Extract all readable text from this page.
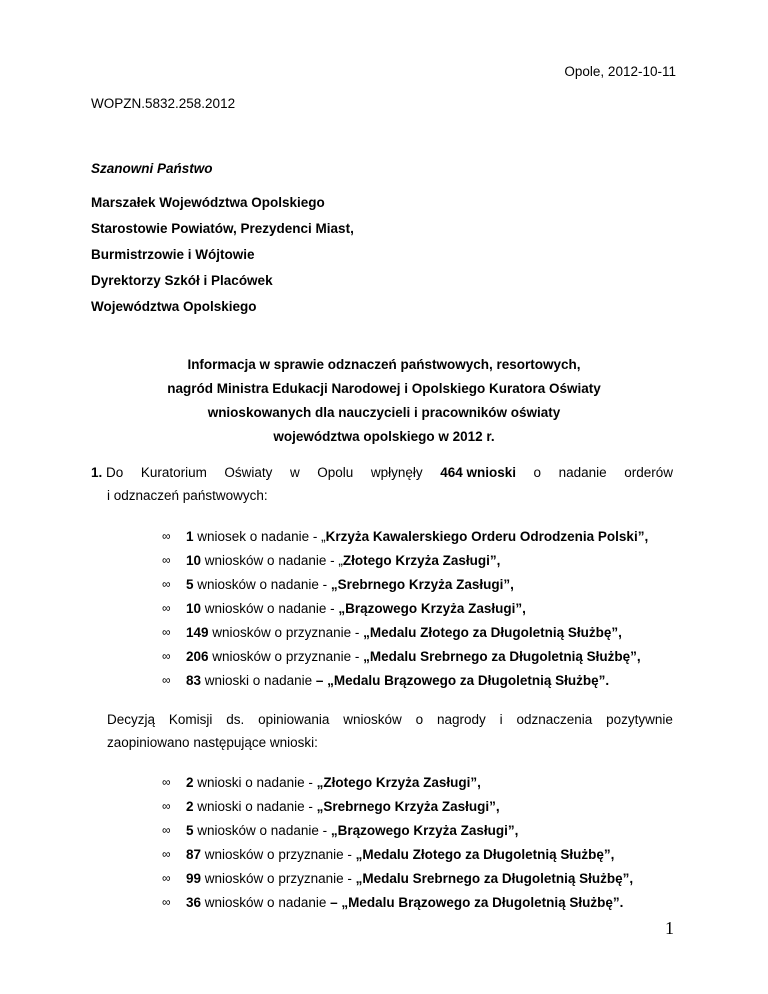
Opole, 2012-10-11
WOPZN.5832.258.2012
Szanowni Państwo
Marszałek Województwa Opolskiego
Starostowie Powiatów, Prezydenci Miast,
Burmistrzowie i Wójtowie
Dyrektorzy Szkół i Placówek
Województwa Opolskiego
Informacja w sprawie odznaczeń państwowych, resortowych,
nagród Ministra Edukacji Narodowej i Opolskiego Kuratora Oświaty
wnioskowanych dla nauczycieli i pracowników oświaty
województwa opolskiego w 2012 r.
1. Do Kuratorium Oświaty w Opolu wpłynęły 464 wnioski o nadanie orderów
i odznaczeń państwowych:
∞ 1 wniosek o nadanie - „Krzyża Kawalerskiego Orderu Odrodzenia Polski”,
∞ 10 wniosków o nadanie - „Złotego Krzyża Zasługi”,
∞ 5 wniosków o nadanie - „Srebrnego Krzyża Zasługi”,
∞ 10 wniosków o nadanie - „Brązowego Krzyża Zasługi”,
∞ 149 wniosków o przyznanie - „Medalu Złotego za Długoletnią Służbę”,
∞ 206 wniosków o przyznanie - „Medalu Srebrnego za Długoletnią Służbę”,
∞ 83 wnioski o nadanie – „Medalu Brązowego za Długoletnią Służbę”.
Decyzją Komisji ds. opiniowania wniosków o nagrody i odznaczenia pozytywnie
zaopiniowano następujące wnioski:
∞ 2 wnioski o nadanie - „Złotego Krzyża Zasługi”,
∞ 2 wnioski o nadanie - „Srebrnego Krzyża Zasługi”,
∞ 5 wniosków o nadanie - „Brązowego Krzyża Zasługi”,
∞ 87 wniosków o przyznanie - „Medalu Złotego za Długoletnią Służbę”,
∞ 99 wniosków o przyznanie - „Medalu Srebrnego za Długoletnią Służbę”,
∞ 36 wniosków o nadanie – „Medalu Brązowego za Długoletnią Służbę”.
1
